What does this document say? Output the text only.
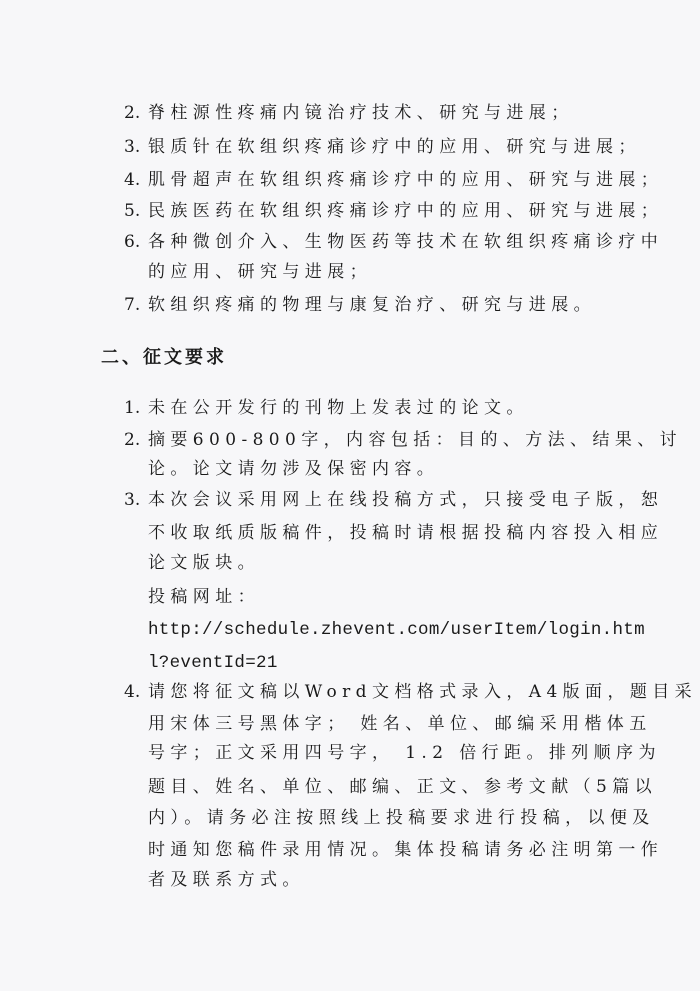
2. 脊柱源性疼痛内镜治疗技术、研究与进展；
3. 银质针在软组织疼痛诊疗中的应用、研究与进展；
4. 肌骨超声在软组织疼痛诊疗中的应用、研究与进展；
5. 民族医药在软组织疼痛诊疗中的应用、研究与进展；
6. 各种微创介入、生物医药等技术在软组织疼痛诊疗中
的应用、研究与进展；
7. 软组织疼痛的物理与康复治疗、研究与进展。
二、征文要求
1. 未在公开发行的刊物上发表过的论文。
2. 摘要600-800字，内容包括：目的、方法、结果、讨
论。论文请勿涉及保密内容。
3. 本次会议采用网上在线投稿方式，只接受电子版，恕
不收取纸质版稿件，投稿时请根据投稿内容投入相应
论文版块。
投稿网址：
http://schedule.zhevent.com/userItem/login.htm
l?eventId=21
4. 请您将征文稿以Word文档格式录入，A4版面，题目采
用宋体三号黑体字； 姓名、单位、邮编采用楷体五
号字；正文采用四号字， 1.2 倍行距。排列顺序为
题目、姓名、单位、邮编、正文、参考文献（5篇以
内）。请务必注按照线上投稿要求进行投稿，以便及
时通知您稿件录用情况。集体投稿请务必注明第一作
者及联系方式。
